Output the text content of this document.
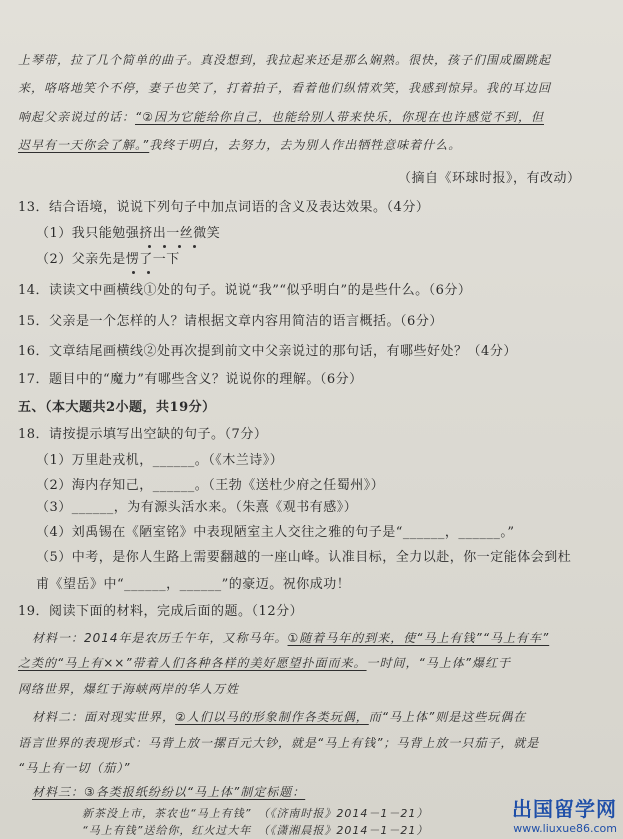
上琴带，拉了几个简单的曲子。真没想到，我拉起来还是那么娴熟。很快，孩子们围成圈跳起
来，咯咯地笑个不停，妻子也笑了，打着拍子，看着他们纵情欢笑，我感到惊异。我的耳边回
响起父亲说过的话：“②因为它能给你自己，也能给别人带来快乐，你现在也许感觉不到，但
迟早有一天你会了解。”我终于明白，去努力，去为别人作出牺牲意味着什么。
（摘自《环球时报》，有改动）
13．结合语境，说说下列句子中加点词语的含义及表达效果。（4分）
（1）我只能勉强挤出一丝微笑
（2）父亲先是愣了一下
14．读读文中画横线①处的句子。说说“我”“似乎明白”的是些什么。（6分）
15．父亲是一个怎样的人？请根据文章内容用简洁的语言概括。（6分）
16．文章结尾画横线②处再次提到前文中父亲说过的那句话，有哪些好处？（4分）
17．题目中的“魔力”有哪些含义？说说你的理解。（6分）
五、（本大题共2小题，共19分）
18．请按提示填写出空缺的句子。（7分）
（1）万里赴戎机，______。（《木兰诗》）
（2）海内存知己，______。（王勃《送杜少府之任蜀州》）
（3）______，为有源头活水来。（朱熹《观书有感》）
（4）刘禹锡在《陋室铭》中表现陋室主人交往之雅的句子是“______，______。”
（5）中考，是你人生路上需要翻越的一座山峰。认准目标，全力以赴，你一定能体会到杜
甫《望岳》中“______，______”的豪迈。祝你成功！
19．阅读下面的材料，完成后面的题。（12分）
材料一：2014年是农历壬午年，又称马年。①随着马年的到来，使“马上有钱”“马上有车”
之类的“马上有××”带着人们各种各样的美好愿望扑面而来。一时间，“马上体”爆红于
网络世界，爆红于海峡两岸的华人万姓
材料二：面对现实世界，②人们以马的形象制作各类玩偶，而“马上体”则是这些玩偶在
语言世界的表现形式：马背上放一摞百元大钞，就是“马上有钱”；马背上放一只茄子，就是
“马上有一切（茄）”
材料三：③各类报纸纷纷以“马上体”制定标题：
新茶没上市，茶农也“马上有钱”　（《济南时报》2014－1－21）
“马上有钱”送给你，红火过大年　（《潇湘晨报》2014－1－21）
出国留学网
www.liuxue86.com
